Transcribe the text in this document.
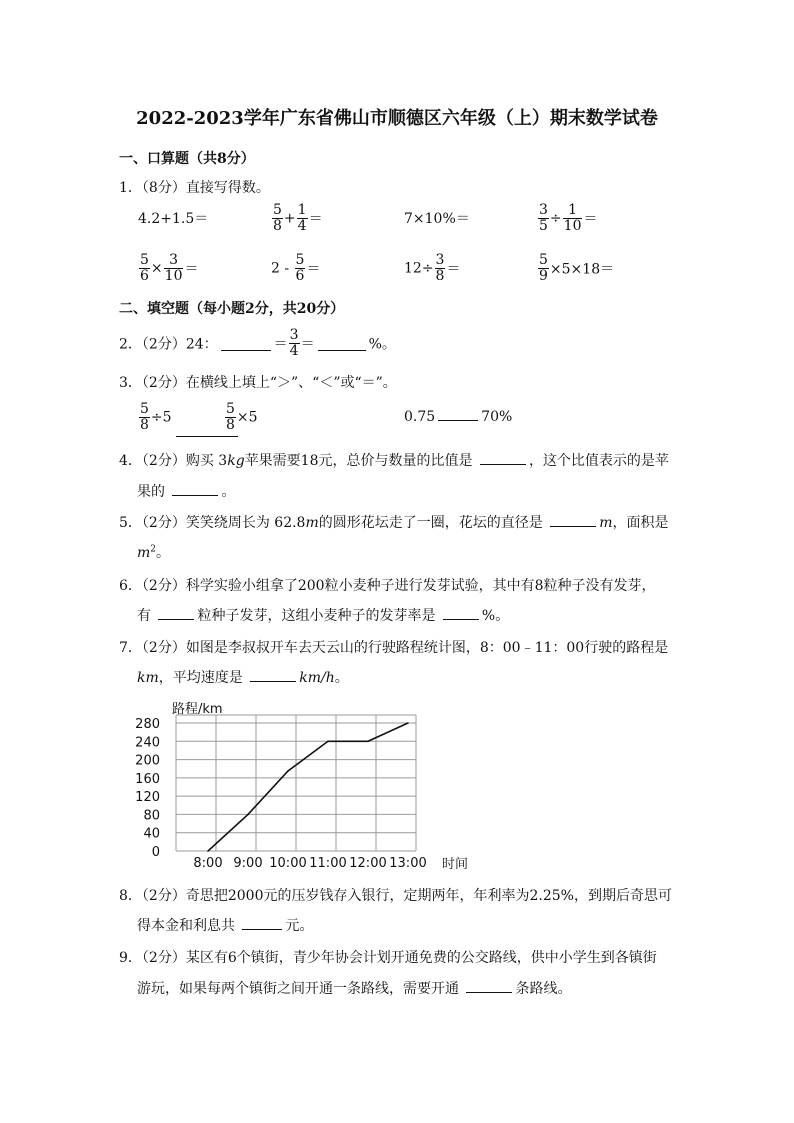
2022-2023学年广东省佛山市顺德区六年级（上）期末数学试卷
一、口算题（共8分）
1．（8分）直接写得数。
4.2+1.5＝	$\frac{5}{8} + \frac{1}{4}$ ＝	7×10%＝	$\frac{3}{5} \div \frac{1}{10}$ ＝
$\frac{5}{6} \times \frac{3}{10}$ ＝	$2 - \frac{5}{6}$ ＝	$12\div \frac{3}{8}$ ＝	$\frac{5}{9} \times 5\times 18=$
二、填空题（每小题2分，共20分）
2．（2分）24：	＝ $\frac{3}{4}$ ＝	%。
3．（2分）在横线上填上“＞”、“＜”或“＝”。
$\frac{5}{8} \div 5$	$\frac{5}{8} \times 5$	0.75	70%
4．（2分）购买 3kg苹果需要18元，总价与数量的比值是	，这个比值表示的是苹
果的	。
5．（2分）笑笑绕周长为 62.8m的圆形花坛走了一圈，花坛的直径是	m，面积是
$m^2$。
6．（2分）科学实验小组拿了200粒小麦种子进行发芽试验，其中有8粒种子没有发芽，
有	粒种子发芽，这组小麦种子的发芽率是	%。
7．（2分）如图是李叔叔开车去天云山的行驶路程统计图，8：00﹣11：00行驶的路程是
km，平均速度是	km/h。
0
40
80
120
160
200
240
280
8:00 9:00 10:00 11:00 12:00 13:00
路程/km
时间
8．（2分）奇思把2000元的压岁钱存入银行，定期两年，年利率为2.25%，到期后奇思可
得本金和利息共	元。
9．（2分）某区有6个镇街，青少年协会计划开通免费的公交路线，供中小学生到各镇街
游玩，如果每两个镇街之间开通一条路线，需要开通	条路线。
